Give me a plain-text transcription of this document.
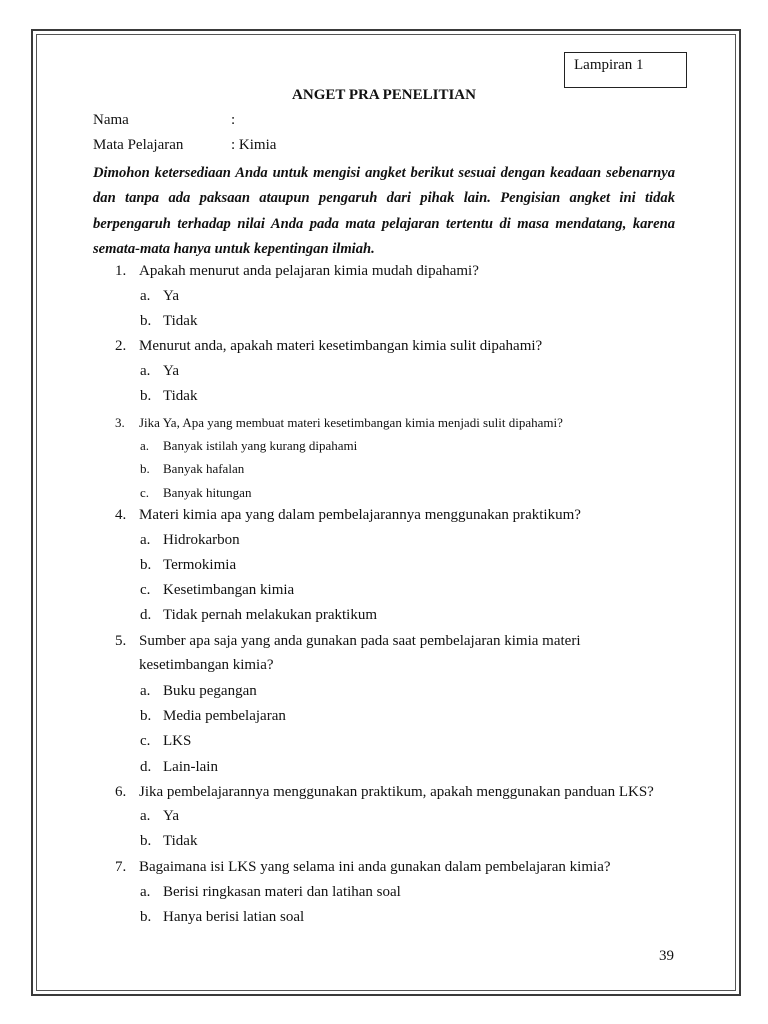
Lampiran 1
ANGET PRA PENELITIAN
Nama	:
Mata Pelajaran	: Kimia
Dimohon ketersediaan Anda untuk mengisi angket berikut sesuai dengan keadaan sebenarnya dan tanpa ada paksaan ataupun pengaruh dari pihak lain. Pengisian angket ini tidak berpengaruh terhadap nilai Anda pada mata pelajaran tertentu di masa mendatang, karena semata-mata hanya untuk kepentingan ilmiah.
1. Apakah menurut anda pelajaran kimia mudah dipahami?
a. Ya
b. Tidak
2. Menurut anda, apakah materi kesetimbangan kimia sulit dipahami?
a. Ya
b. Tidak
3. Jika Ya, Apa yang membuat materi kesetimbangan kimia menjadi sulit dipahami?
a. Banyak istilah yang kurang dipahami
b. Banyak hafalan
c. Banyak hitungan
4. Materi kimia apa yang dalam pembelajarannya menggunakan praktikum?
a. Hidrokarbon
b. Termokimia
c. Kesetimbangan kimia
d. Tidak pernah melakukan praktikum
5. Sumber apa saja yang anda gunakan pada saat pembelajaran kimia materi
kesetimbangan kimia?
a. Buku pegangan
b. Media pembelajaran
c. LKS
d. Lain-lain
6. Jika pembelajarannya menggunakan praktikum, apakah menggunakan panduan LKS?
a. Ya
b. Tidak
7. Bagaimana isi LKS yang selama ini anda gunakan dalam pembelajaran kimia?
a. Berisi ringkasan materi dan latihan soal
b. Hanya berisi latian soal
39
